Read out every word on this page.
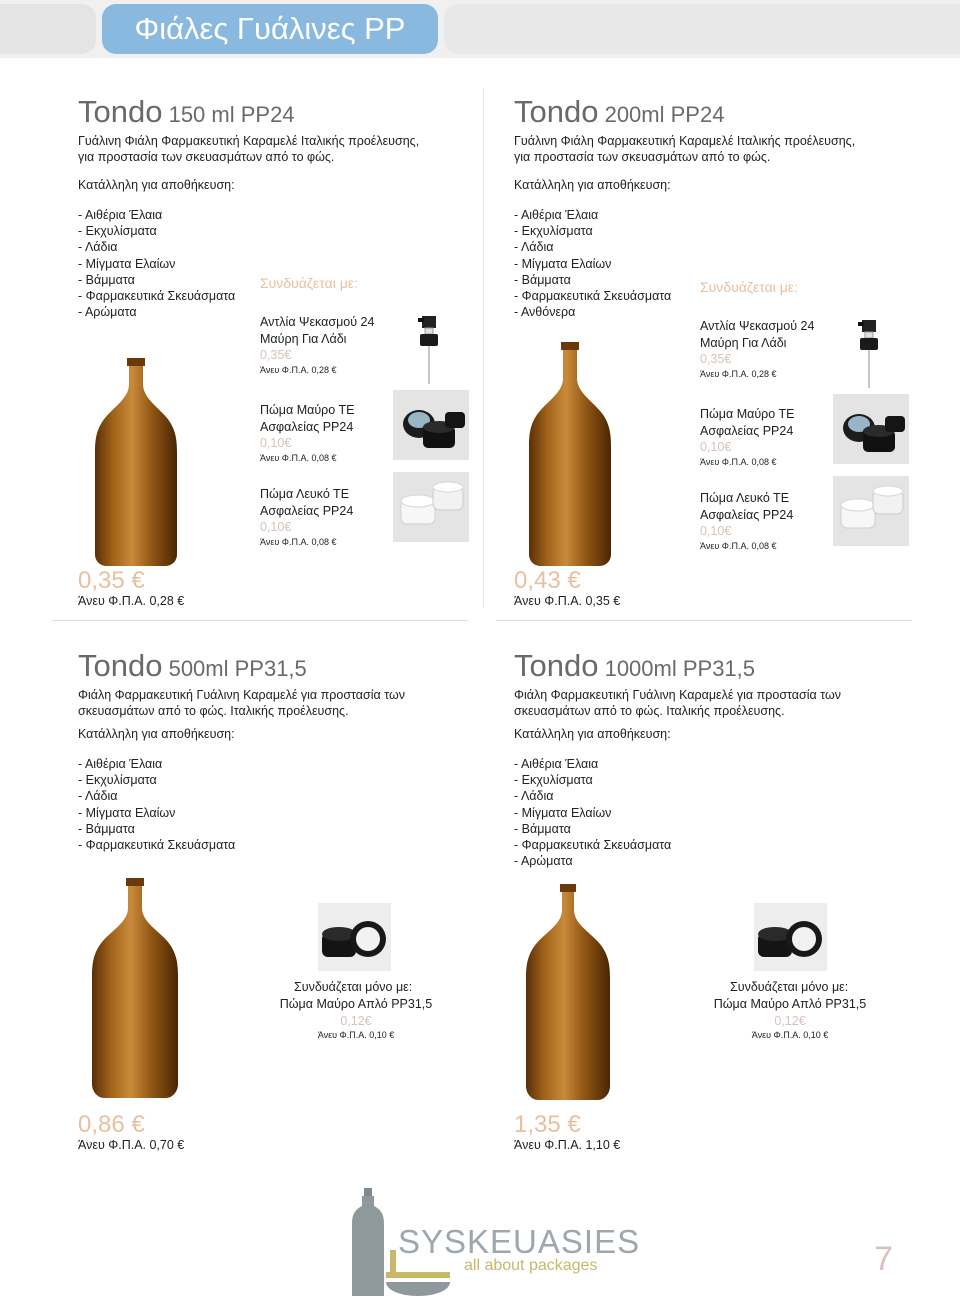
Φιάλες Γυάλινες PP
Tondo 150 ml PP24
Γυάλινη Φιάλη Φαρμακευτική Καραμελέ Ιταλικής προέλευσης,
για προστασία των σκευασμάτων από το φώς.
Κατάλληλη για αποθήκευση:
- Αιθέρια Έλαια
- Εκχυλίσματα
- Λάδια
- Μίγματα Ελαίων
- Βάμματα
- Φαρμακευτικά Σκευάσματα
- Αρώματα
Συνδυάζεται με:
Αντλία Ψεκασμού 24
Μαύρη Για Λάδι
0,35€
Άνευ Φ.Π.Α. 0,28 €
Πώμα Μαύρο ΤΕ
Ασφαλείας PP24
0,10€
Άνευ Φ.Π.Α. 0,08 €
Πώμα Λευκό ΤΕ
Ασφαλείας PP24
0,10€
Άνευ Φ.Π.Α. 0,08 €
0,35 €
Άνευ Φ.Π.Α. 0,28 €
Tondo 200ml PP24
Γυάλινη Φιάλη Φαρμακευτική Καραμελέ Ιταλικής προέλευσης,
για προστασία των σκευασμάτων από το φώς.
Κατάλληλη για αποθήκευση:
- Αιθέρια Έλαια
- Εκχυλίσματα
- Λάδια
- Μίγματα Ελαίων
- Βάμματα
- Φαρμακευτικά Σκευάσματα
- Ανθόνερα
Συνδυάζεται με:
Αντλία Ψεκασμού 24
Μαύρη Για Λάδι
0,35€
Άνευ Φ.Π.Α. 0,28 €
Πώμα Μαύρο ΤΕ
Ασφαλείας PP24
0,10€
Άνευ Φ.Π.Α. 0,08 €
Πώμα Λευκό ΤΕ
Ασφαλείας PP24
0,10€
Άνευ Φ.Π.Α. 0,08 €
0,43 €
Άνευ Φ.Π.Α. 0,35 €
Tondo 500ml PP31,5
Φιάλη Φαρμακευτική Γυάλινη Καραμελέ για προστασία των
σκευασμάτων από το φώς. Ιταλικής προέλευσης.
Κατάλληλη για αποθήκευση:
- Αιθέρια Έλαια
- Εκχυλίσματα
- Λάδια
- Μίγματα Ελαίων
- Βάμματα
- Φαρμακευτικά Σκευάσματα
Συνδυάζεται μόνο με:
Πώμα Μαύρο Απλό PP31,5
0,12€
Άνευ Φ.Π.Α. 0,10 €
0,86 €
Άνευ Φ.Π.Α. 0,70 €
Tondo 1000ml PP31,5
Φιάλη Φαρμακευτική Γυάλινη Καραμελέ για προστασία των
σκευασμάτων από το φώς. Ιταλικής προέλευσης.
Κατάλληλη για αποθήκευση:
- Αιθέρια Έλαια
- Εκχυλίσματα
- Λάδια
- Μίγματα Ελαίων
- Βάμματα
- Φαρμακευτικά Σκευάσματα
- Αρώματα
Συνδυάζεται μόνο με:
Πώμα Μαύρο Απλό PP31,5
0,12€
Άνευ Φ.Π.Α. 0,10 €
1,35 €
Άνευ Φ.Π.Α. 1,10 €
SYSKEUASIES
all about packages	7
